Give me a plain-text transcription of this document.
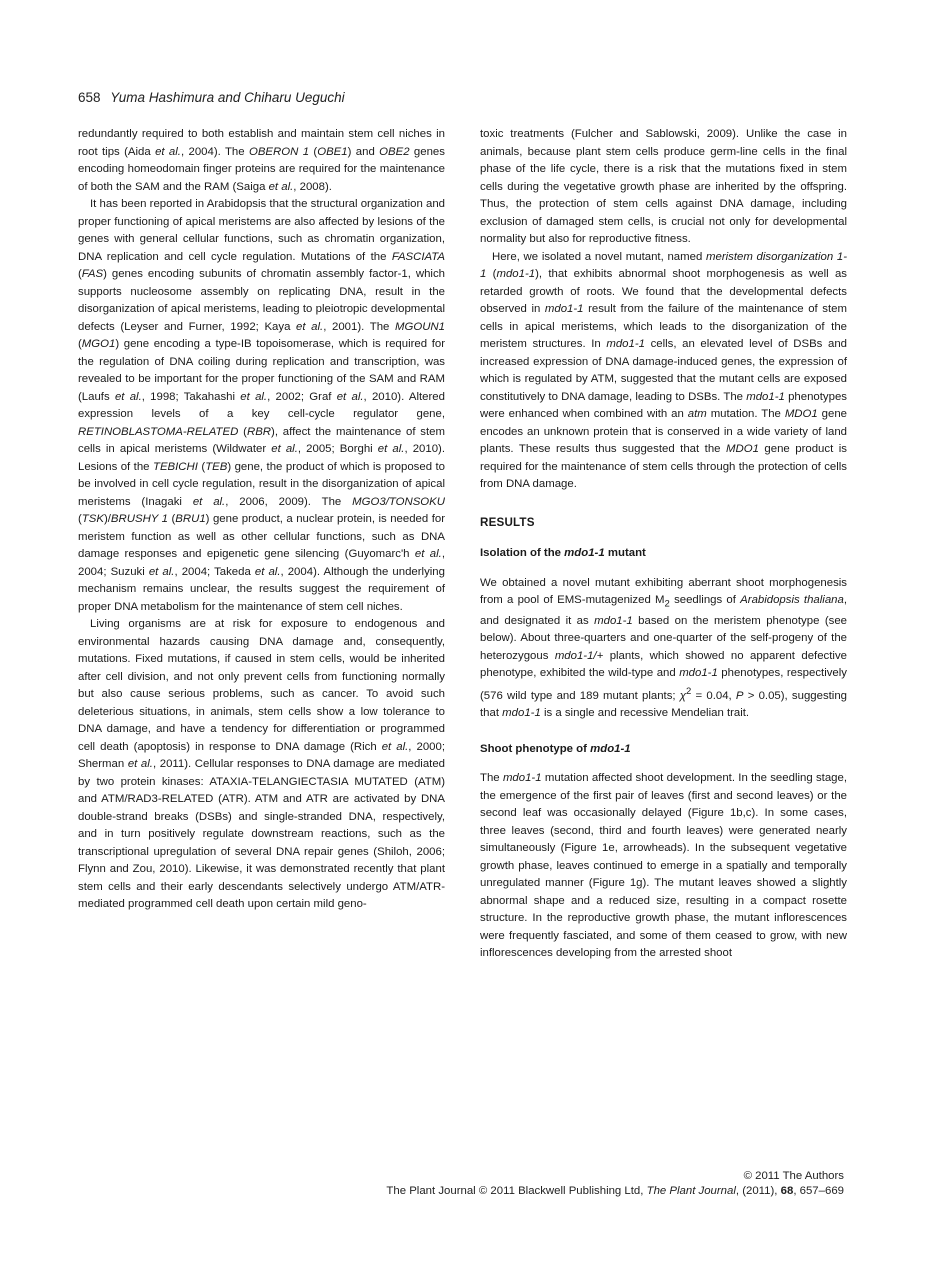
658 Yuma Hashimura and Chiharu Ueguchi

redundantly required to both establish and maintain stem cell niches in root tips (Aida et al., 2004). The OBERON 1 (OBE1) and OBE2 genes encoding homeodomain finger proteins are required for the maintenance of both the SAM and the RAM (Saiga et al., 2008).

It has been reported in Arabidopsis that the structural organization and proper functioning of apical meristems are also affected by lesions of the genes with general cellular functions, such as chromatin organization, DNA replication and cell cycle regulation. Mutations of the FASCIATA (FAS) genes encoding subunits of chromatin assembly factor-1, which supports nucleosome assembly on replicating DNA, result in the disorganization of apical meristems, leading to pleiotropic developmental defects (Leyser and Furner, 1992; Kaya et al., 2001). The MGOUN1 (MGO1) gene encoding a type-IB topoisomerase, which is required for the regulation of DNA coiling during replication and transcription, was revealed to be important for the proper functioning of the SAM and RAM (Laufs et al., 1998; Takahashi et al., 2002; Graf et al., 2010). Altered expression levels of a key cell-cycle regulator gene, RETINOBLASTOMA-RELATED (RBR), affect the maintenance of stem cells in apical meristems (Wildwater et al., 2005; Borghi et al., 2010). Lesions of the TEBICHI (TEB) gene, the product of which is proposed to be involved in cell cycle regulation, result in the disorganization of apical meristems (Inagaki et al., 2006, 2009). The MGO3/TONSOKU (TSK)/BRUSHY 1 (BRU1) gene product, a nuclear protein, is needed for meristem function as well as other cellular functions, such as DNA damage responses and epigenetic gene silencing (Guyomarc'h et al., 2004; Suzuki et al., 2004; Takeda et al., 2004). Although the underlying mechanism remains unclear, the results suggest the requirement of proper DNA metabolism for the maintenance of stem cell niches.

Living organisms are at risk for exposure to endogenous and environmental hazards causing DNA damage and, consequently, mutations. Fixed mutations, if caused in stem cells, would be inherited after cell division, and not only prevent cells from functioning normally but also cause serious problems, such as cancer. To avoid such deleterious situations, in animals, stem cells show a low tolerance to DNA damage, and have a tendency for differentiation or programmed cell death (apoptosis) in response to DNA damage (Rich et al., 2000; Sherman et al., 2011). Cellular responses to DNA damage are mediated by two protein kinases: ATAXIA-TELANGIECTASIA MUTATED (ATM) and ATM/RAD3-RELATED (ATR). ATM and ATR are activated by DNA double-strand breaks (DSBs) and single-stranded DNA, respectively, and in turn positively regulate downstream reactions, such as the transcriptional upregulation of several DNA repair genes (Shiloh, 2006; Flynn and Zou, 2010). Likewise, it was demonstrated recently that plant stem cells and their early descendants selectively undergo ATM/ATR-mediated programmed cell death upon certain mild geno-

toxic treatments (Fulcher and Sablowski, 2009). Unlike the case in animals, because plant stem cells produce germ-line cells in the final phase of the life cycle, there is a risk that the mutations fixed in stem cells during the vegetative growth phase are inherited by the offspring. Thus, the protection of stem cells against DNA damage, including exclusion of damaged stem cells, is crucial not only for developmental normality but also for reproductive fitness.

Here, we isolated a novel mutant, named meristem disorganization 1-1 (mdo1-1), that exhibits abnormal shoot morphogenesis as well as retarded growth of roots. We found that the developmental defects observed in mdo1-1 result from the failure of the maintenance of stem cells in apical meristems, which leads to the disorganization of the meristem structures. In mdo1-1 cells, an elevated level of DSBs and increased expression of DNA damage-induced genes, the expression of which is regulated by ATM, suggested that the mutant cells are exposed constitutively to DNA damage, leading to DSBs. The mdo1-1 phenotypes were enhanced when combined with an atm mutation. The MDO1 gene encodes an unknown protein that is conserved in a wide variety of land plants. These results thus suggested that the MDO1 gene product is required for the maintenance of stem cells through the protection of cells from DNA damage.

RESULTS
Isolation of the mdo1-1 mutant

We obtained a novel mutant exhibiting aberrant shoot morphogenesis from a pool of EMS-mutagenized $M_2$ seedlings of Arabidopsis thaliana, and designated it as mdo1-1 based on the meristem phenotype (see below). About three-quarters and one-quarter of the self-progeny of the heterozygous mdo1-1/+ plants, which showed no apparent defective phenotype, exhibited the wild-type and mdo1-1 phenotypes, respectively (576 wild type and 189 mutant plants; $\chi^2 = 0.04$, P > 0.05), suggesting that mdo1-1 is a single and recessive Mendelian trait.

Shoot phenotype of mdo1-1

The mdo1-1 mutation affected shoot development. In the seedling stage, the emergence of the first pair of leaves (first and second leaves) or the second leaf was occasionally delayed (Figure 1b,c). In some cases, three leaves (second, third and fourth leaves) were generated nearly simultaneously (Figure 1e, arrowheads). In the subsequent vegetative growth phase, leaves continued to emerge in a spatially and temporally unregulated manner (Figure 1g). The mutant leaves showed a slightly abnormal shape and a reduced size, resulting in a compact rosette structure. In the reproductive growth phase, the mutant inflorescences were frequently fasciated, and some of them ceased to grow, with new inflorescences developing from the arrested shoot

© 2011 The Authors
The Plant Journal © 2011 Blackwell Publishing Ltd, The Plant Journal, (2011), 68, 657–669
